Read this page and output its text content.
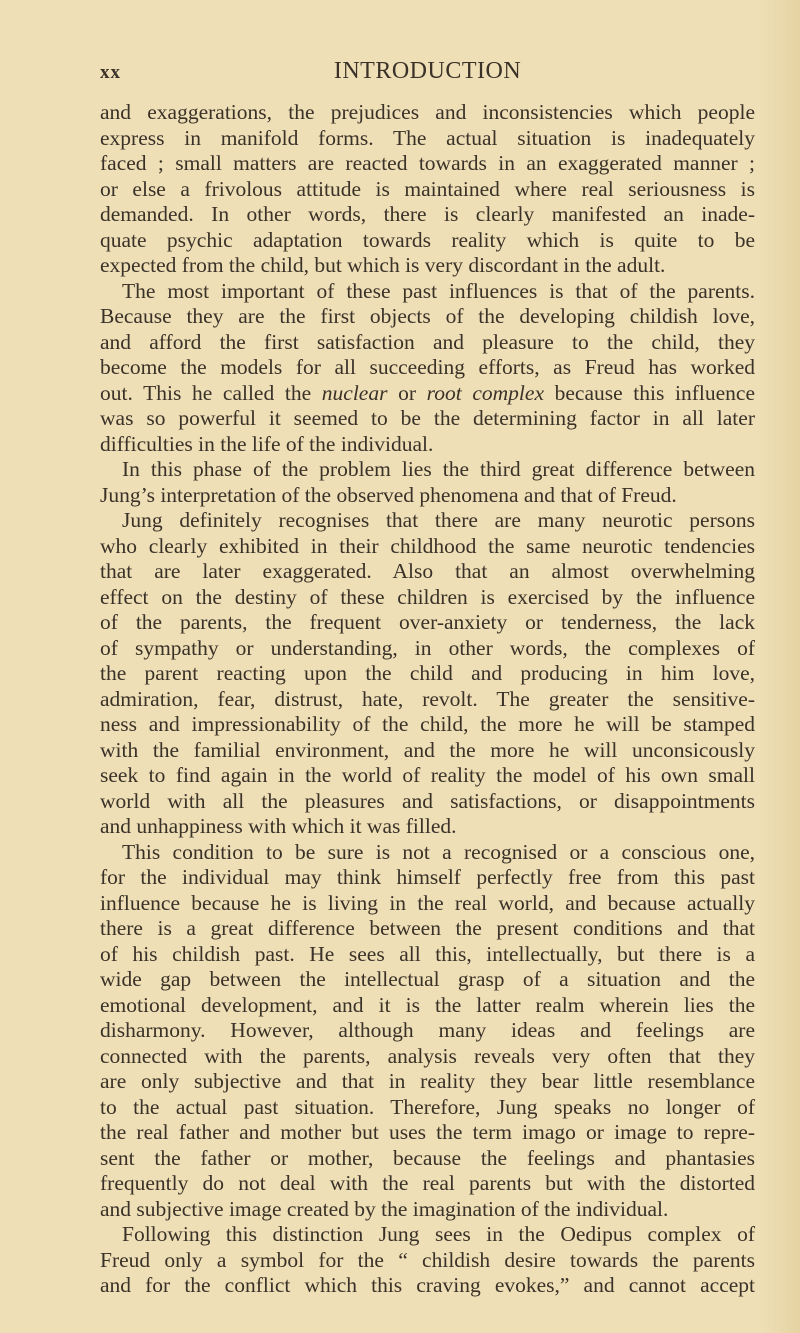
xx	INTRODUCTION
and exaggerations, the prejudices and inconsistencies which people
express in manifold forms. The actual situation is inadequately
faced ; small matters are reacted towards in an exaggerated manner ;
or else a frivolous attitude is maintained where real seriousness is
demanded. In other words, there is clearly manifested an inade-
quate psychic adaptation towards reality which is quite to be
expected from the child, but which is very discordant in the adult.
The most important of these past influences is that of the parents.
Because they are the first objects of the developing childish love,
and afford the first satisfaction and pleasure to the child, they
become the models for all succeeding efforts, as Freud has worked
out. This he called the nuclear or root complex because this influence
was so powerful it seemed to be the determining factor in all later
difficulties in the life of the individual.
In this phase of the problem lies the third great difference between
Jung’s interpretation of the observed phenomena and that of Freud.
Jung definitely recognises that there are many neurotic persons
who clearly exhibited in their childhood the same neurotic tendencies
that are later exaggerated. Also that an almost overwhelming
effect on the destiny of these children is exercised by the influence
of the parents, the frequent over-anxiety or tenderness, the lack
of sympathy or understanding, in other words, the complexes of
the parent reacting upon the child and producing in him love,
admiration, fear, distrust, hate, revolt. The greater the sensitive-
ness and impressionability of the child, the more he will be stamped
with the familial environment, and the more he will unconsicously
seek to find again in the world of reality the model of his own small
world with all the pleasures and satisfactions, or disappointments
and unhappiness with which it was filled.
This condition to be sure is not a recognised or a conscious one,
for the individual may think himself perfectly free from this past
influence because he is living in the real world, and because actually
there is a great difference between the present conditions and that
of his childish past. He sees all this, intellectually, but there is a
wide gap between the intellectual grasp of a situation and the
emotional development, and it is the latter realm wherein lies the
disharmony. However, although many ideas and feelings are
connected with the parents, analysis reveals very often that they
are only subjective and that in reality they bear little resemblance
to the actual past situation. Therefore, Jung speaks no longer of
the real father and mother but uses the term imago or image to repre-
sent the father or mother, because the feelings and phantasies
frequently do not deal with the real parents but with the distorted
and subjective image created by the imagination of the individual.
Following this distinction Jung sees in the Oedipus complex of
Freud only a symbol for the “ childish desire towards the parents
and for the conflict which this craving evokes,” and cannot accept
